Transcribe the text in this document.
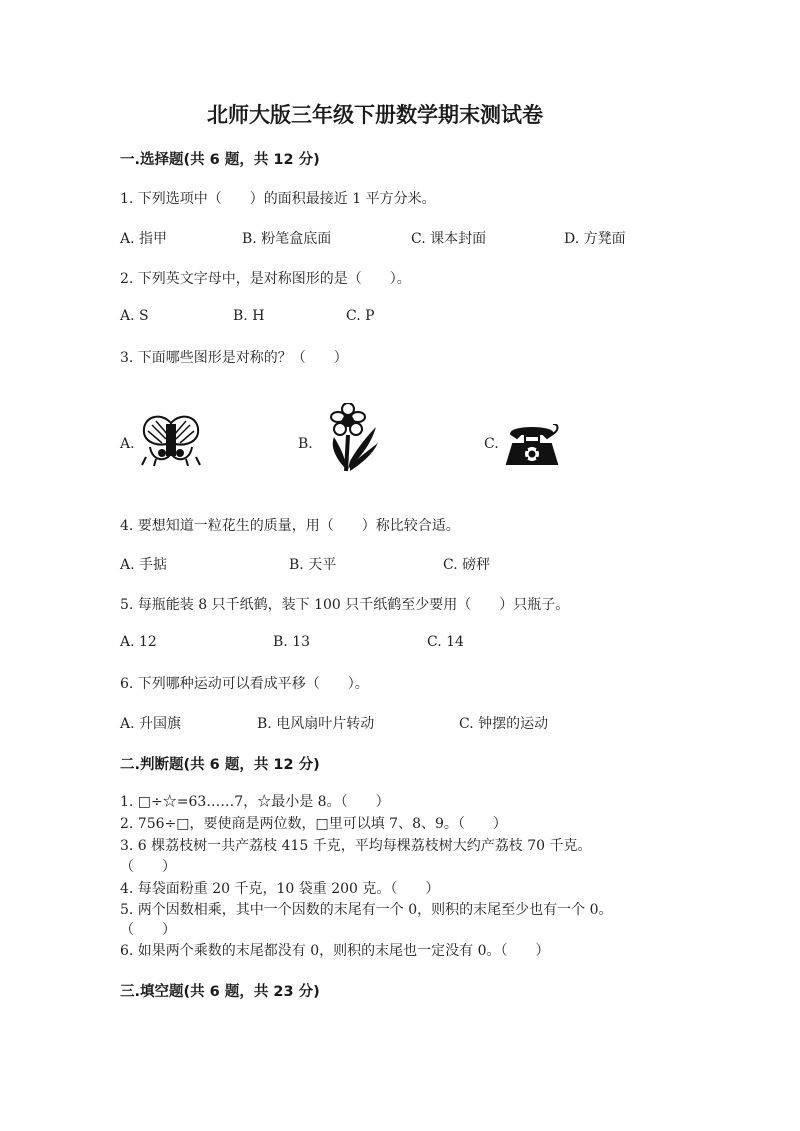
北师大版三年级下册数学期末测试卷
一.选择题(共 6 题，共 12 分)
1. 下列选项中（　　）的面积最接近 1 平方分米。
A. 指甲	B. 粉笔盒底面	C. 课本封面	D. 方凳面
2. 下列英文字母中，是对称图形的是（　　）。
A. S	B. H	C. P
3. 下面哪些图形是对称的？（　　）
A.	B.	C.
4. 要想知道一粒花生的质量，用（　　）称比较合适。
A. 手掂	B. 天平	C. 磅秤
5. 每瓶能装 8 只千纸鹤，装下 100 只千纸鹤至少要用（　　）只瓶子。
A. 12	B. 13	C. 14
6. 下列哪种运动可以看成平移（　　）。
A. 升国旗	B. 电风扇叶片转动	C. 钟摆的运动
二.判断题(共 6 题，共 12 分)
1. □÷☆=63……7，☆最小是 8。（　　）
2. 756÷□，要使商是两位数，□里可以填 7、8、9。（　　）
3. 6 棵荔枝树一共产荔枝 415 千克，平均每棵荔枝树大约产荔枝 70 千克。
（　　）
4. 每袋面粉重 20 千克，10 袋重 200 克。（　　）
5. 两个因数相乘，其中一个因数的末尾有一个 0，则积的末尾至少也有一个 0。
（　　）
6. 如果两个乘数的末尾都没有 0，则积的末尾也一定没有 0。（　　）
三.填空题(共 6 题，共 23 分)
